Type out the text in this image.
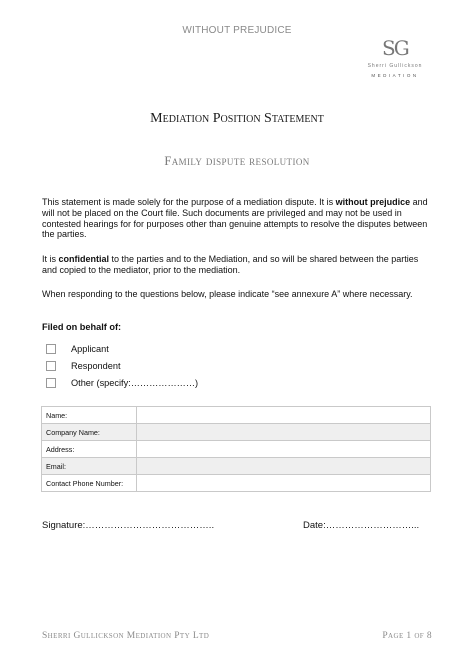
WITHOUT PREJUDICE
SG
Sherri Gullickson
MEDIATION
Mediation Position Statement
Family dispute resolution

This statement is made solely for the purpose of a mediation dispute. It is without prejudice and will not be placed on the Court file. Such documents are privileged and may not be used in contested hearings for for purposes other than genuine attempts to resolve the disputes between the parties.

It is confidential to the parties and to the Mediation, and so will be shared between the parties and copied to the mediator, prior to the mediation.

When responding to the questions below, please indicate “see annexure A” where necessary.

Filed on behalf of:
Applicant
Respondent
Other (specify:…………………)
Name:	
Company Name:	
Address:	
Email:	
Contact Phone Number:	
Signature:…………………………………..	Date:………………………...
Sherri Gullickson Mediation Pty Ltd	Page 1 of 8
